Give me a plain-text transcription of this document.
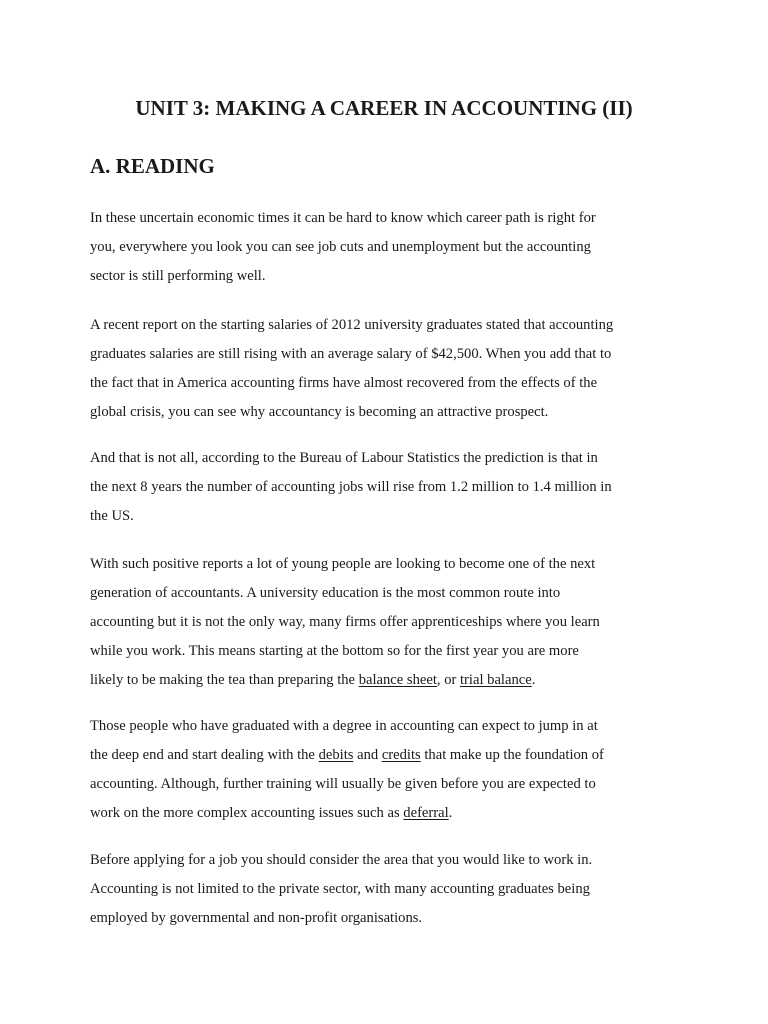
UNIT 3: MAKING A CAREER IN ACCOUNTING (II)
A. READING

In these uncertain economic times it can be hard to know which career path is right for
you, everywhere you look you can see job cuts and unemployment but the accounting
sector is still performing well.

A recent report on the starting salaries of 2012 university graduates stated that accounting
graduates salaries are still rising with an average salary of $42,500. When you add that to
the fact that in America accounting firms have almost recovered from the effects of the
global crisis, you can see why accountancy is becoming an attractive prospect.

And that is not all, according to the Bureau of Labour Statistics the prediction is that in
the next 8 years the number of accounting jobs will rise from 1.2 million to 1.4 million in
the US.

With such positive reports a lot of young people are looking to become one of the next
generation of accountants. A university education is the most common route into
accounting but it is not the only way, many firms offer apprenticeships where you learn
while you work. This means starting at the bottom so for the first year you are more
likely to be making the tea than preparing the balance sheet, or trial balance.

Those people who have graduated with a degree in accounting can expect to jump in at
the deep end and start dealing with the debits and credits that make up the foundation of
accounting. Although, further training will usually be given before you are expected to
work on the more complex accounting issues such as deferral.

Before applying for a job you should consider the area that you would like to work in.
Accounting is not limited to the private sector, with many accounting graduates being
employed by governmental and non-profit organisations.
